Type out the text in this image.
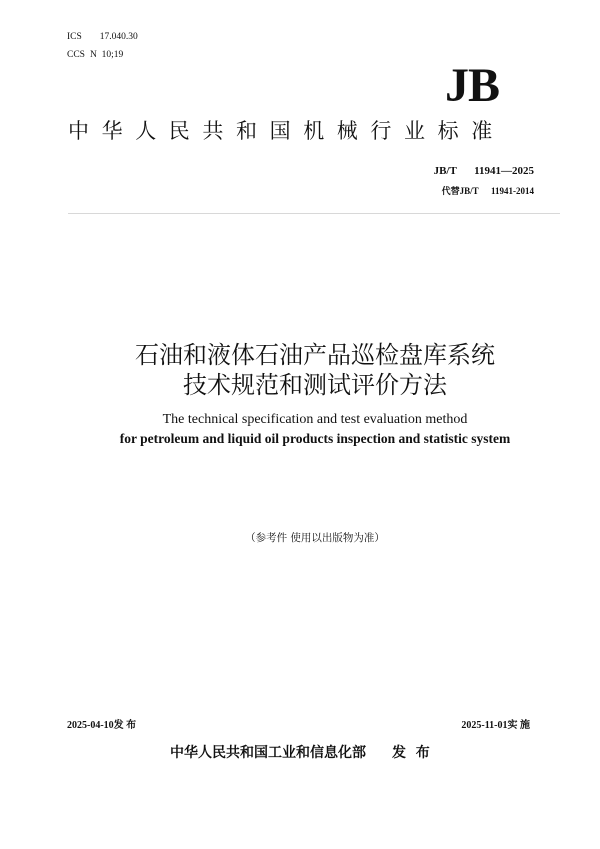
ICS 17.040.30
CCS N  10;19
JB
中华人民共和国机械行业标准
JB/T  11941—2025
代替JB/T  11941-2014
石油和液体石油产品巡检盘库系统
技术规范和测试评价方法
The technical specification and test evaluation method
for petroleum and liquid oil products inspection and statistic system
（参考件 使用以出版物为准）
2025-04-10发 布	2025-11-01实 施
中华人民共和国工业和信息化部 发  布
